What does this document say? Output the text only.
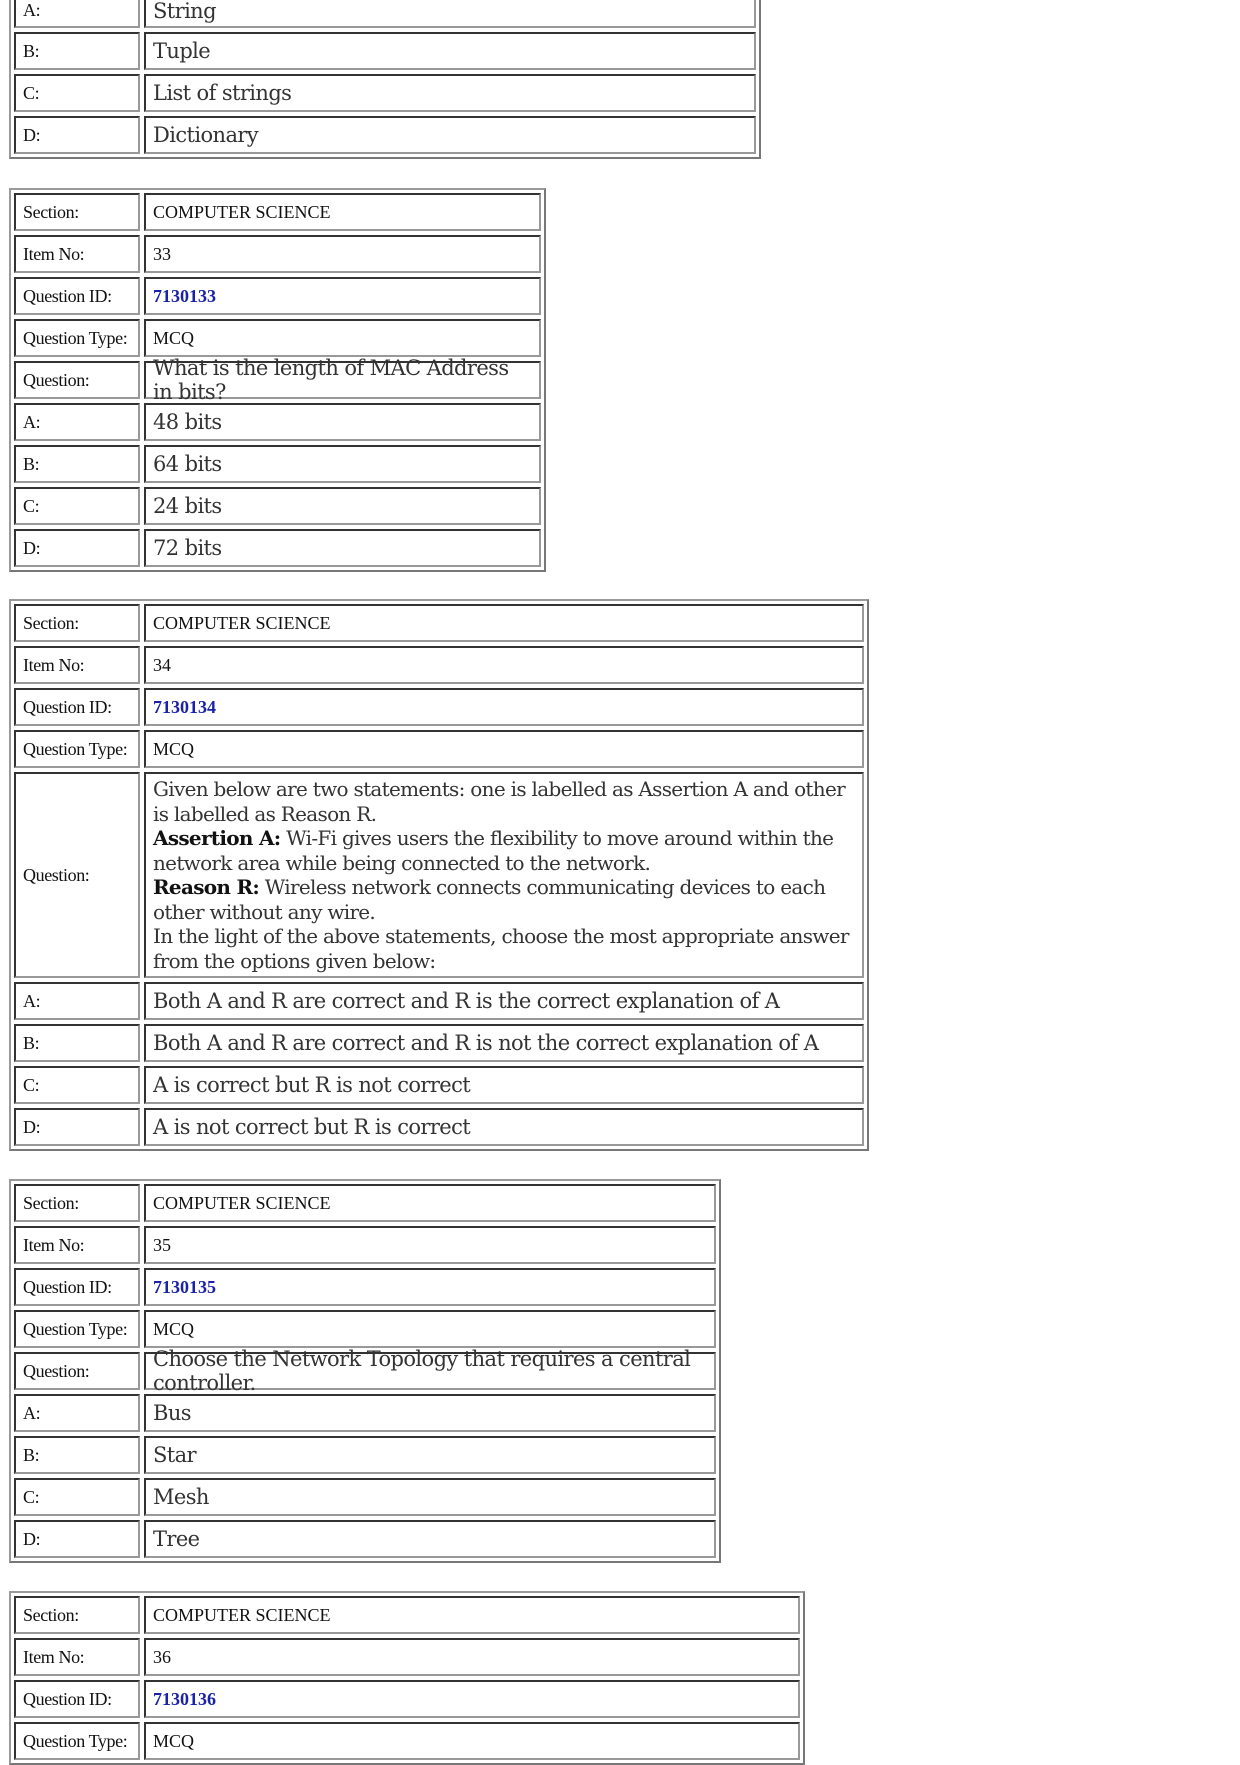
A:	String
B:	Tuple
C:	List of strings
D:	Dictionary
Section:	COMPUTER SCIENCE
Item No:	33
Question ID:	7130133
Question Type:	MCQ
Question:	What is the length of MAC Address in bits?
A:	48 bits
B:	64 bits
C:	24 bits
D:	72 bits
Section:	COMPUTER SCIENCE
Item No:	34
Question ID:	7130134
Question Type:	MCQ
Question:
Given below are two statements: one is labelled as Assertion A and other is labelled as Reason R.
Assertion A: Wi-Fi gives users the flexibility to move around within the network area while being connected to the network.
Reason R: Wireless network connects communicating devices to each other without any wire.
In the light of the above statements, choose the most appropriate answer from the options given below:
A:	Both A and R are correct and R is the correct explanation of A
B:	Both A and R are correct and R is not the correct explanation of A
C:	A is correct but R is not correct
D:	A is not correct but R is correct
Section:	COMPUTER SCIENCE
Item No:	35
Question ID:	7130135
Question Type:	MCQ
Question:	Choose the Network Topology that requires a central controller.
A:	Bus
B:	Star
C:	Mesh
D:	Tree
Section:	COMPUTER SCIENCE
Item No:	36
Question ID:	7130136
Question Type:	MCQ
